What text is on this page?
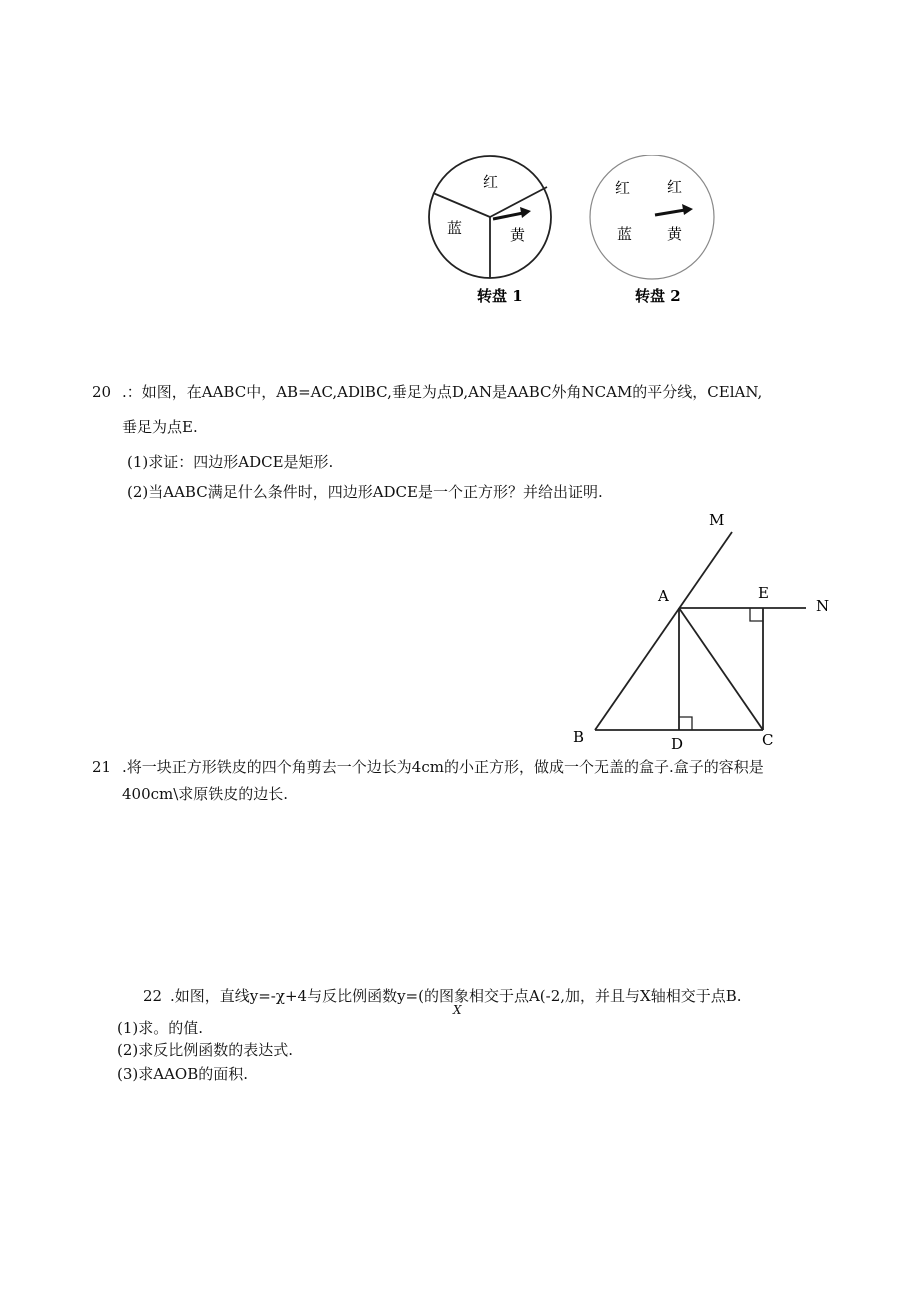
红
蓝	黄
转盘 1
红 红
蓝 黄
转盘 2
20 .：如图，在AABC中，AB=AC,ADlBC,垂足为点D,AN是AABC外角NCAM的平分线，CElAN,
垂足为点E.
(1)求证：四边形ADCE是矩形.
(2)当AABC满足什么条件时，四边形ADCE是一个正方形？并给出证明.
M
A	E
N
B	D	C
21 .将一块正方形铁皮的四个角剪去一个边长为4cm的小正方形，做成一个无盖的盒子.盒子的容积是
400cm\求原铁皮的边长.
22 .如图，直线y=-χ+4与反比例函数y=(的图象相交于点A(-2,加，并且与X轴相交于点B.
X
(1)求。的值.
(2)求反比例函数的表达式.
(3)求AAOB的面积.
